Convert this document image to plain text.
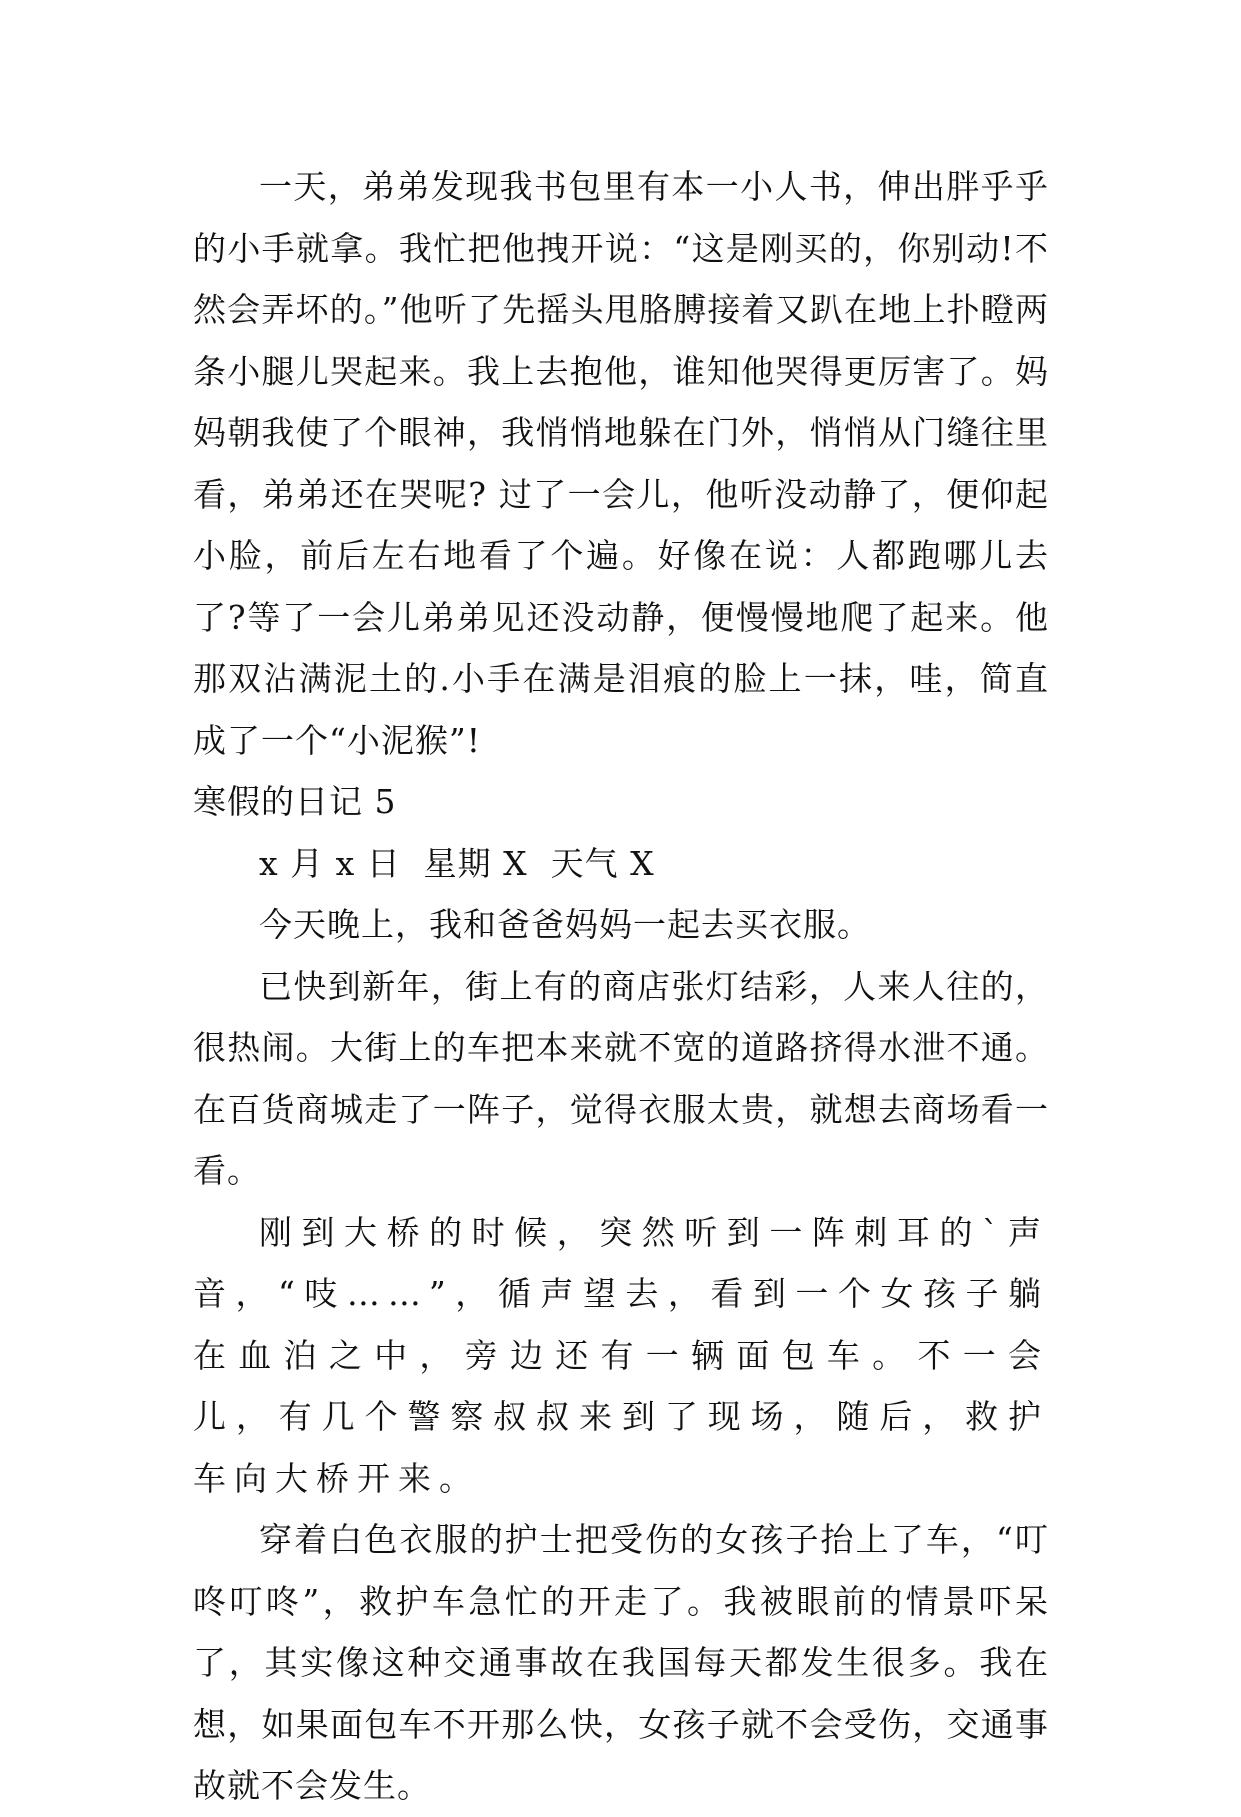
一天，弟弟发现我书包里有本一小人书，伸出胖乎乎的小手就拿。我忙把他拽开说：“这是刚买的，你别动!不然会弄坏的。”他听了先摇头甩胳膊接着又趴在地上扑瞪两条小腿儿哭起来。我上去抱他，谁知他哭得更厉害了。妈妈朝我使了个眼神，我悄悄地躲在门外，悄悄从门缝往里看，弟弟还在哭呢? 过了一会儿，他听没动静了，便仰起小脸，前后左右地看了个遍。好像在说：人都跑哪儿去了?等了一会儿弟弟见还没动静，便慢慢地爬了起来。他那双沾满泥土的.小手在满是泪痕的脸上一抹，哇，简直成了一个“小泥猴”!

寒假的日记 5

x 月 x 日  星期 X  天气 X

今天晚上，我和爸爸妈妈一起去买衣服。

已快到新年，街上有的商店张灯结彩，人来人往的，很热闹。大街上的车把本来就不宽的道路挤得水泄不通。在百货商城走了一阵子，觉得衣服太贵，就想去商场看一看。

刚到大桥的时候，突然听到一阵刺耳的`声音，“吱……”，循声望去，看到一个女孩子躺在血泊之中，旁边还有一辆面包车。不一会儿，有几个警察叔叔来到了现场，随后，救护车向大桥开来。

穿着白色衣服的护士把受伤的女孩子抬上了车，“叮咚叮咚”，救护车急忙的开走了。我被眼前的情景吓呆了，其实像这种交通事故在我国每天都发生很多。我在想，如果面包车不开那么快，女孩子就不会受伤，交通事故就不会发生。
